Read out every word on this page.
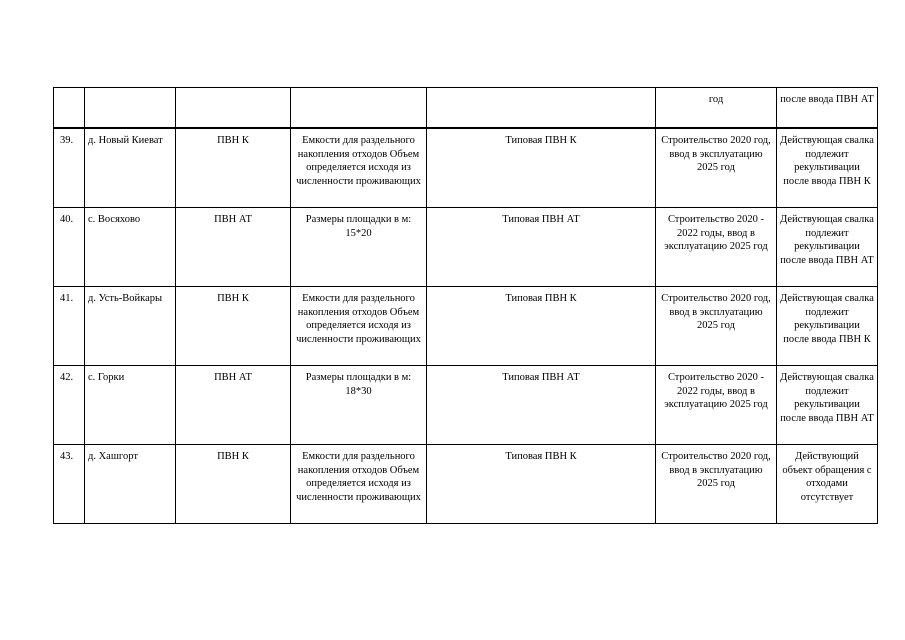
					год	после ввода ПВН АТ
39.	д. Новый Киеват	ПВН К	Емкости для раздельного накопления отходов Объем определяется исходя из численности проживающих	Типовая ПВН К	Строительство 2020 год, ввод в эксплуатацию 2025 год	Действующая свалка подлежит рекультивации после ввода ПВН К
40.	с. Восяхово	ПВН АТ	Размеры площадки в м: 15*20	Типовая ПВН АТ	Строительство 2020 - 2022 годы, ввод в эксплуатацию 2025 год	Действующая свалка подлежит рекультивации после ввода ПВН АТ
41.	д. Усть-Войкары	ПВН К	Емкости для раздельного накопления отходов Объем определяется исходя из численности проживающих	Типовая ПВН К	Строительство 2020 год, ввод в эксплуатацию 2025 год	Действующая свалка подлежит рекультивации после ввода ПВН К
42.	с. Горки	ПВН АТ	Размеры площадки в м: 18*30	Типовая ПВН АТ	Строительство 2020 - 2022 годы, ввод в эксплуатацию 2025 год	Действующая свалка подлежит рекультивации после ввода ПВН АТ
43.	д. Хашгорт	ПВН К	Емкости для раздельного накопления отходов Объем определяется исходя из численности проживающих	Типовая ПВН К	Строительство 2020 год, ввод в эксплуатацию 2025 год	Действующий объект обращения с отходами отсутствует
